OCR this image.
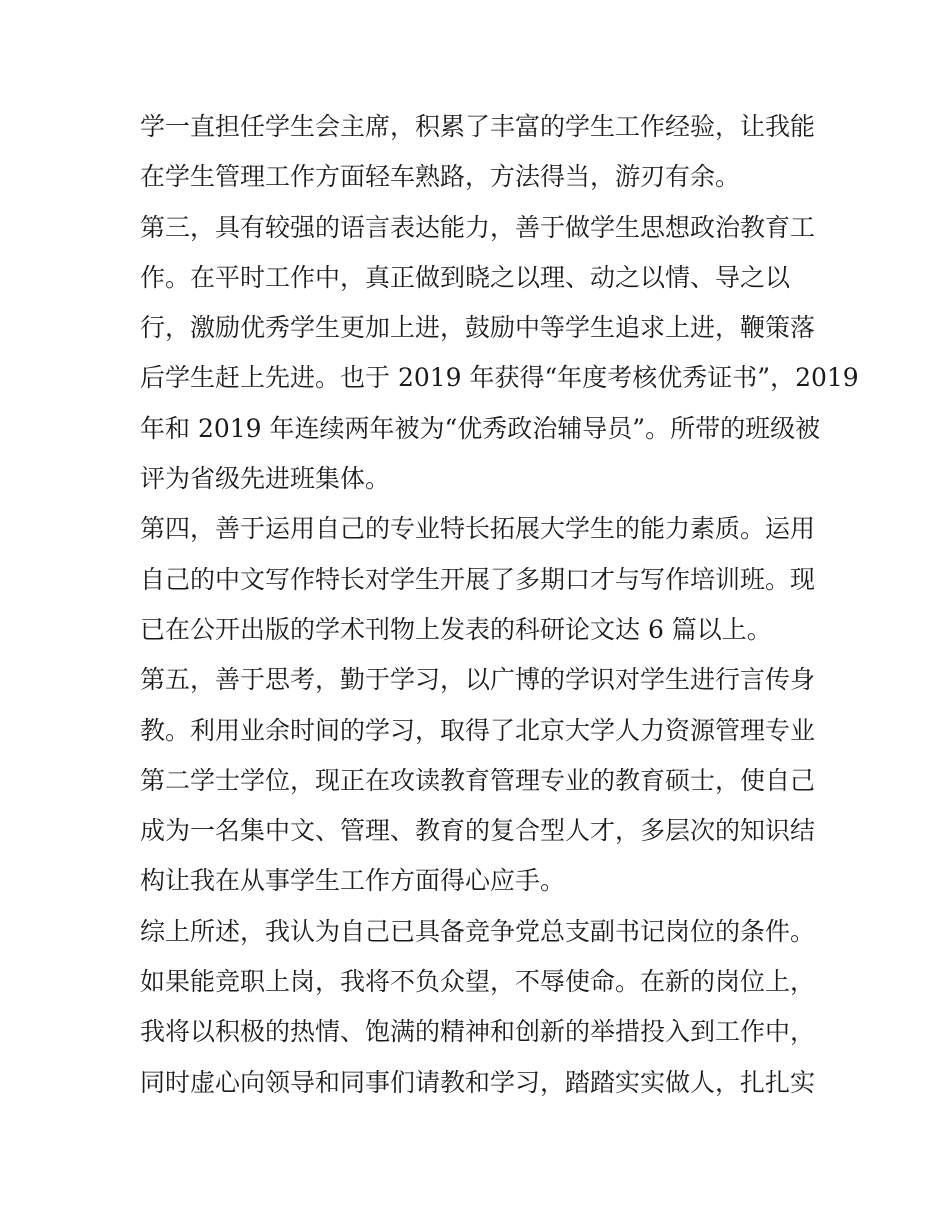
学一直担任学生会主席，积累了丰富的学生工作经验，让我能
在学生管理工作方面轻车熟路，方法得当，游刃有余。
第三，具有较强的语言表达能力，善于做学生思想政治教育工
作。在平时工作中，真正做到晓之以理、动之以情、导之以
行，激励优秀学生更加上进，鼓励中等学生追求上进，鞭策落
后学生赶上先进。也于 2019 年获得“年度考核优秀证书”，2019
年和 2019 年连续两年被为“优秀政治辅导员”。所带的班级被
评为省级先进班集体。
第四，善于运用自己的专业特长拓展大学生的能力素质。运用
自己的中文写作特长对学生开展了多期口才与写作培训班。现
已在公开出版的学术刊物上发表的科研论文达 6 篇以上。
第五，善于思考，勤于学习，以广博的学识对学生进行言传身
教。利用业余时间的学习，取得了北京大学人力资源管理专业
第二学士学位，现正在攻读教育管理专业的教育硕士，使自己
成为一名集中文、管理、教育的复合型人才，多层次的知识结
构让我在从事学生工作方面得心应手。
综上所述，我认为自己已具备竞争党总支副书记岗位的条件。
如果能竞职上岗，我将不负众望，不辱使命。在新的岗位上，
我将以积极的热情、饱满的精神和创新的举措投入到工作中，
同时虚心向领导和同事们请教和学习，踏踏实实做人，扎扎实
